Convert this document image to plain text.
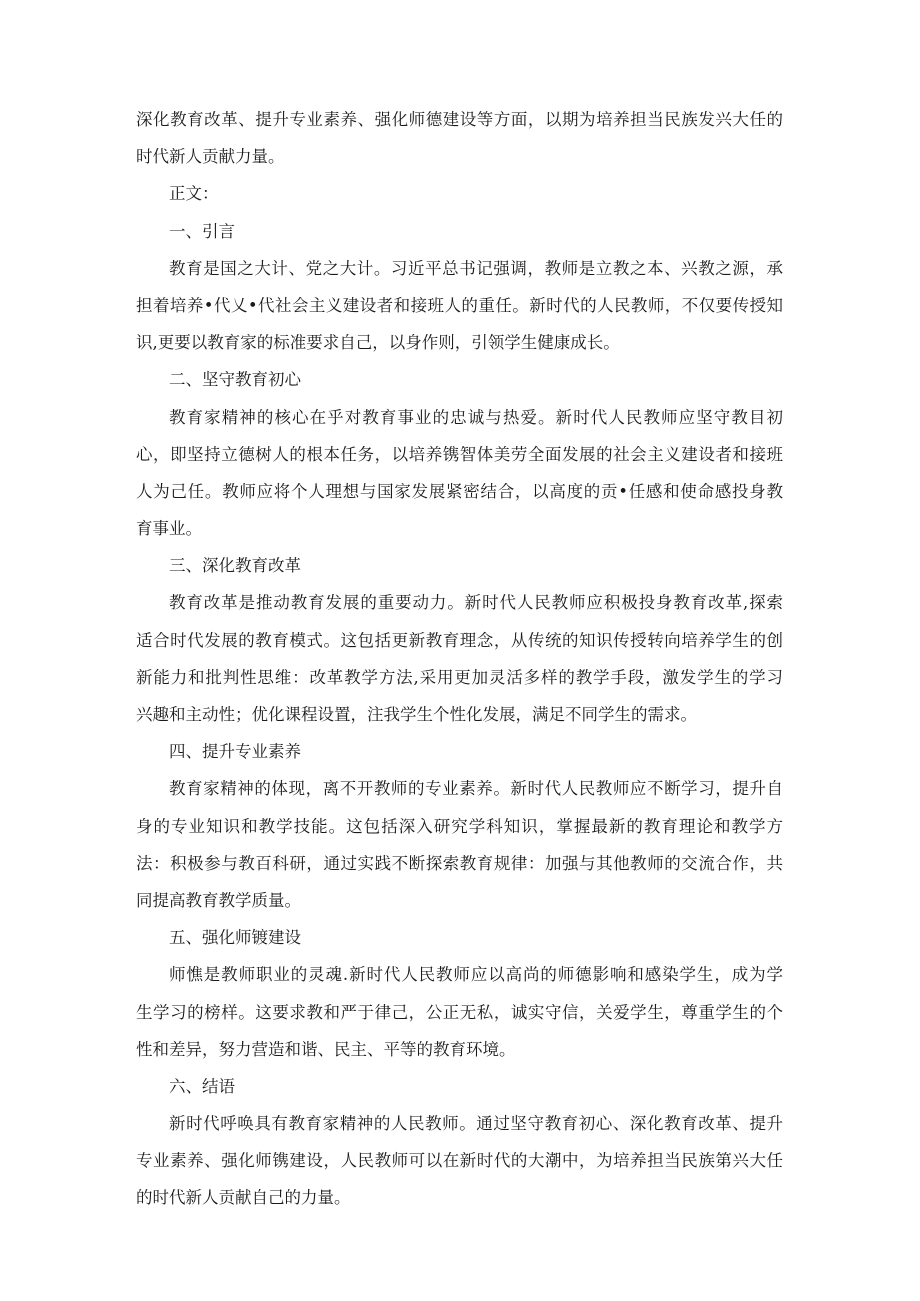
深化教育改革、提升专业素养、强化师德建设等方面，以期为培养担当民族发兴大任的
时代新人贡献力量。
正文：
一、引言
教育是国之大计、党之大计。习近平总书记强调，教师是立教之本、兴教之源，承
担着培养•代乂•代社会主义建设者和接班人的重任。新时代的人民教师，不仅要传授知
识,更要以教育家的标准要求自己，以身作则，引领学生健康成长。
二、坚守教育初心
教育家精神的核心在乎对教育事业的忠诚与热爱。新时代人民教师应坚守教目初
心，即坚持立德树人的根本任务，以培养镌智体美劳全面发展的社会主义建设者和接班
人为己任。教师应将个人理想与国家发展紧密结合，以高度的贡•任感和使命感投身教
育事业。
三、深化教育改革
教育改革是推动教育发展的重要动力。新时代人民教师应积极投身教育改革,探索
适合时代发展的教育模式。这包括更新教育理念，从传统的知识传授转向培养学生的创
新能力和批判性思维：改革教学方法,采用更加灵活多样的教学手段，激发学生的学习
兴趣和主动性；优化课程设置，注我学生个性化发展，满足不同学生的需求。
四、提升专业素养
教育家精神的体现，离不开教师的专业素养。新时代人民教师应不断学习，提升自
身的专业知识和教学技能。这包括深入研究学科知识，掌握最新的教育理论和教学方
法：积极参与教百科研，通过实践不断探索教育规律：加强与其他教师的交流合作，共
同提高教育教学质量。
五、强化师镀建设
师憔是教师职业的灵魂.新时代人民教师应以高尚的师德影响和感染学生，成为学
生学习的榜样。这要求教和严于律己，公正无私，诚实守信，关爱学生，尊重学生的个
性和差异，努力营造和谐、民主、平等的教育环境。
六、结语
新时代呼唤具有教育家精神的人民教师。通过坚守教育初心、深化教育改革、提升
专业素养、强化师镌建设，人民教师可以在新时代的大潮中，为培养担当民族第兴大任
的时代新人贡献自己的力量。
